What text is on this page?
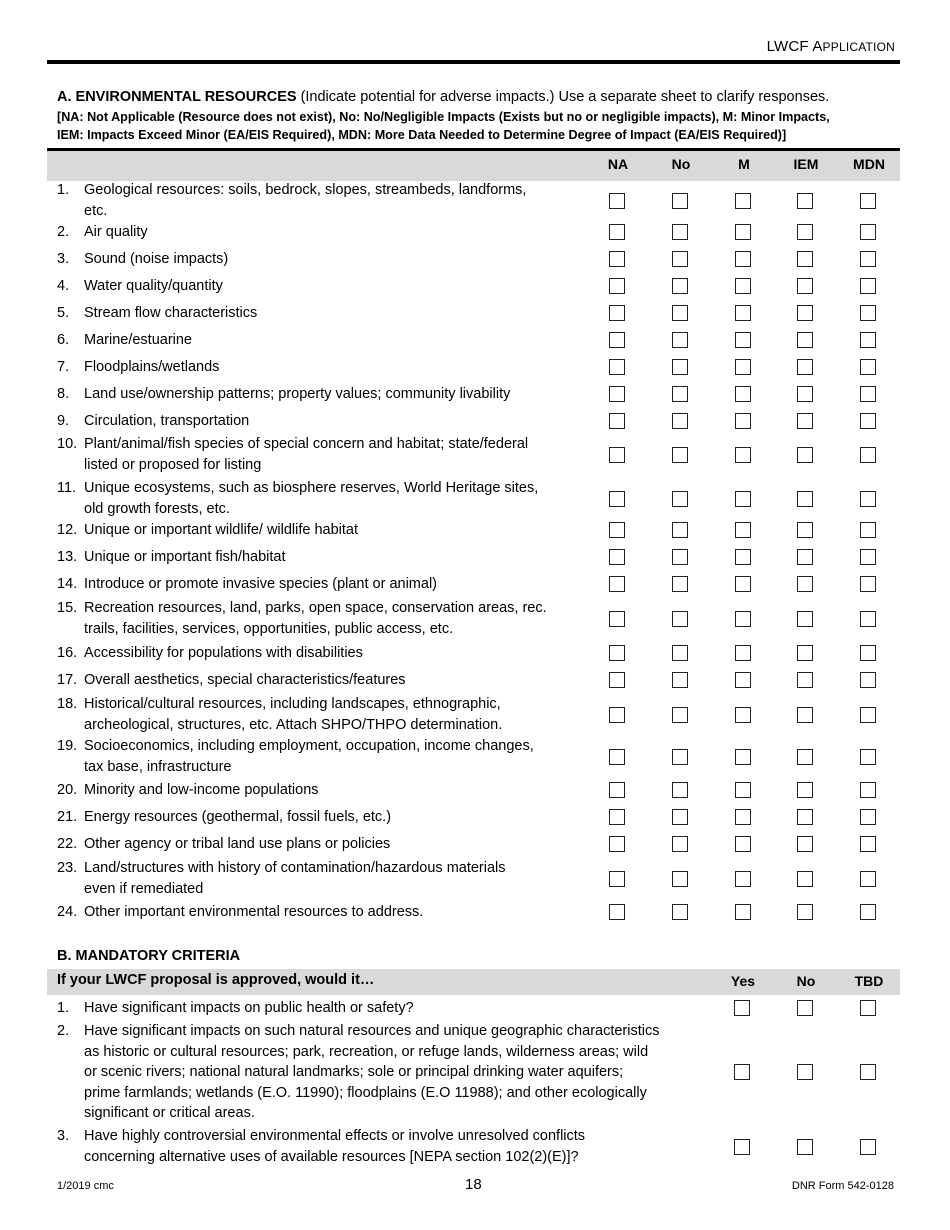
LWCF APPLICATION
A. ENVIRONMENTAL RESOURCES (Indicate potential for adverse impacts.) Use a separate sheet to clarify responses.
[NA: Not Applicable (Resource does not exist), No: No/Negligible Impacts (Exists but no or negligible impacts), M: Minor Impacts,
IEM: Impacts Exceed Minor (EA/EIS Required), MDN: More Data Needed to Determine Degree of Impact (EA/EIS Required)]
NA	No	M	IEM	MDN
1. Geological resources: soils, bedrock, slopes, streambeds, landforms,
etc.
2. Air quality
3. Sound (noise impacts)
4. Water quality/quantity
5. Stream flow characteristics
6. Marine/estuarine
7. Floodplains/wetlands
8. Land use/ownership patterns; property values; community livability
9. Circulation, transportation
10. Plant/animal/fish species of special concern and habitat; state/federal
listed or proposed for listing
11. Unique ecosystems, such as biosphere reserves, World Heritage sites,
old growth forests, etc.
12. Unique or important wildlife/ wildlife habitat
13. Unique or important fish/habitat
14. Introduce or promote invasive species (plant or animal)
15. Recreation resources, land, parks, open space, conservation areas, rec.
trails, facilities, services, opportunities, public access, etc.
16. Accessibility for populations with disabilities
17. Overall aesthetics, special characteristics/features
18. Historical/cultural resources, including landscapes, ethnographic,
archeological, structures, etc. Attach SHPO/THPO determination.
19. Socioeconomics, including employment, occupation, income changes,
tax base, infrastructure
20. Minority and low-income populations
21. Energy resources (geothermal, fossil fuels, etc.)
22. Other agency or tribal land use plans or policies
23. Land/structures with history of contamination/hazardous materials
even if remediated
24. Other important environmental resources to address.
B. MANDATORY CRITERIA
If your LWCF proposal is approved, would it…	Yes	No	TBD
1. Have significant impacts on public health or safety?
2. Have significant impacts on such natural resources and unique geographic characteristics
as historic or cultural resources; park, recreation, or refuge lands, wilderness areas; wild
or scenic rivers; national natural landmarks; sole or principal drinking water aquifers;
prime farmlands; wetlands (E.O. 11990); floodplains (E.O 11988); and other ecologically
significant or critical areas.
3. Have highly controversial environmental effects or involve unresolved conflicts
concerning alternative uses of available resources [NEPA section 102(2)(E)]?
1/2019 cmc	18	DNR Form 542-0128
